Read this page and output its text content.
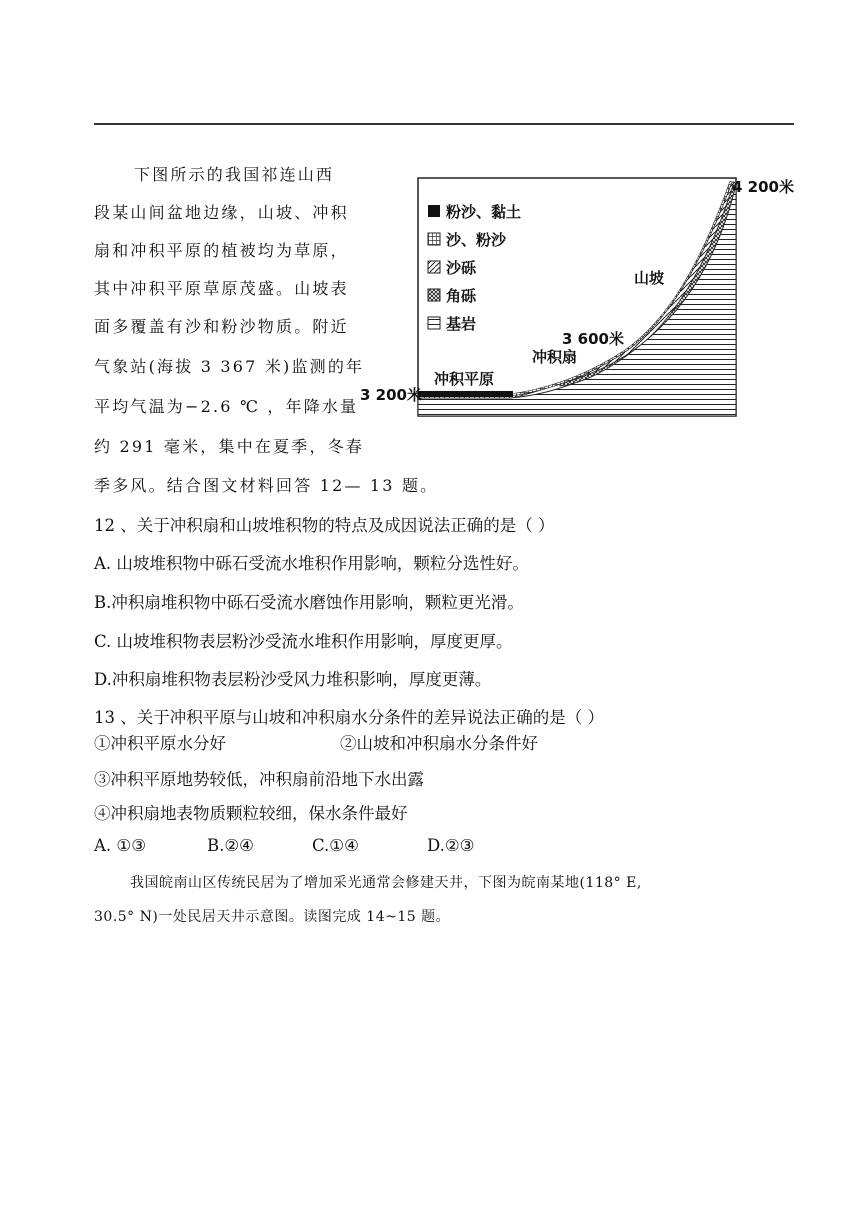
下图所示的我国祁连山西
段某山间盆地边缘，山坡、冲积
扇和冲积平原的植被均为草原，
其中冲积平原草原茂盛。山坡表
面多覆盖有沙和粉沙物质。附近
气象站(海拔 3 367 米)监测的年
平均气温为−2.6 ℃ ，年降水量
约 291 毫米，集中在夏季，冬春
季多风。结合图文材料回答 12— 13 题。
粉沙、黏土
沙、粉沙
沙砾
角砾
基岩
4 200米
山坡
3 600米
冲积扇
冲积平原
3 200米
12 、关于冲积扇和山坡堆积物的特点及成因说法正确的是（ ）
A. 山坡堆积物中砾石受流水堆积作用影响，颗粒分选性好。
B.冲积扇堆积物中砾石受流水磨蚀作用影响，颗粒更光滑。
C. 山坡堆积物表层粉沙受流水堆积作用影响，厚度更厚。
D.冲积扇堆积物表层粉沙受风力堆积影响，厚度更薄。
13 、关于冲积平原与山坡和冲积扇水分条件的差异说法正确的是（ ）
①冲积平原水分好	②山坡和冲积扇水分条件好
③冲积平原地势较低，冲积扇前沿地下水出露
④冲积扇地表物质颗粒较细，保水条件最好
A. ①③	B.②④	C.①④	D.②③
我国皖南山区传统民居为了增加采光通常会修建天井，下图为皖南某地(118° E,
30.5° N)一处民居天井示意图。读图完成 14~15 题。
